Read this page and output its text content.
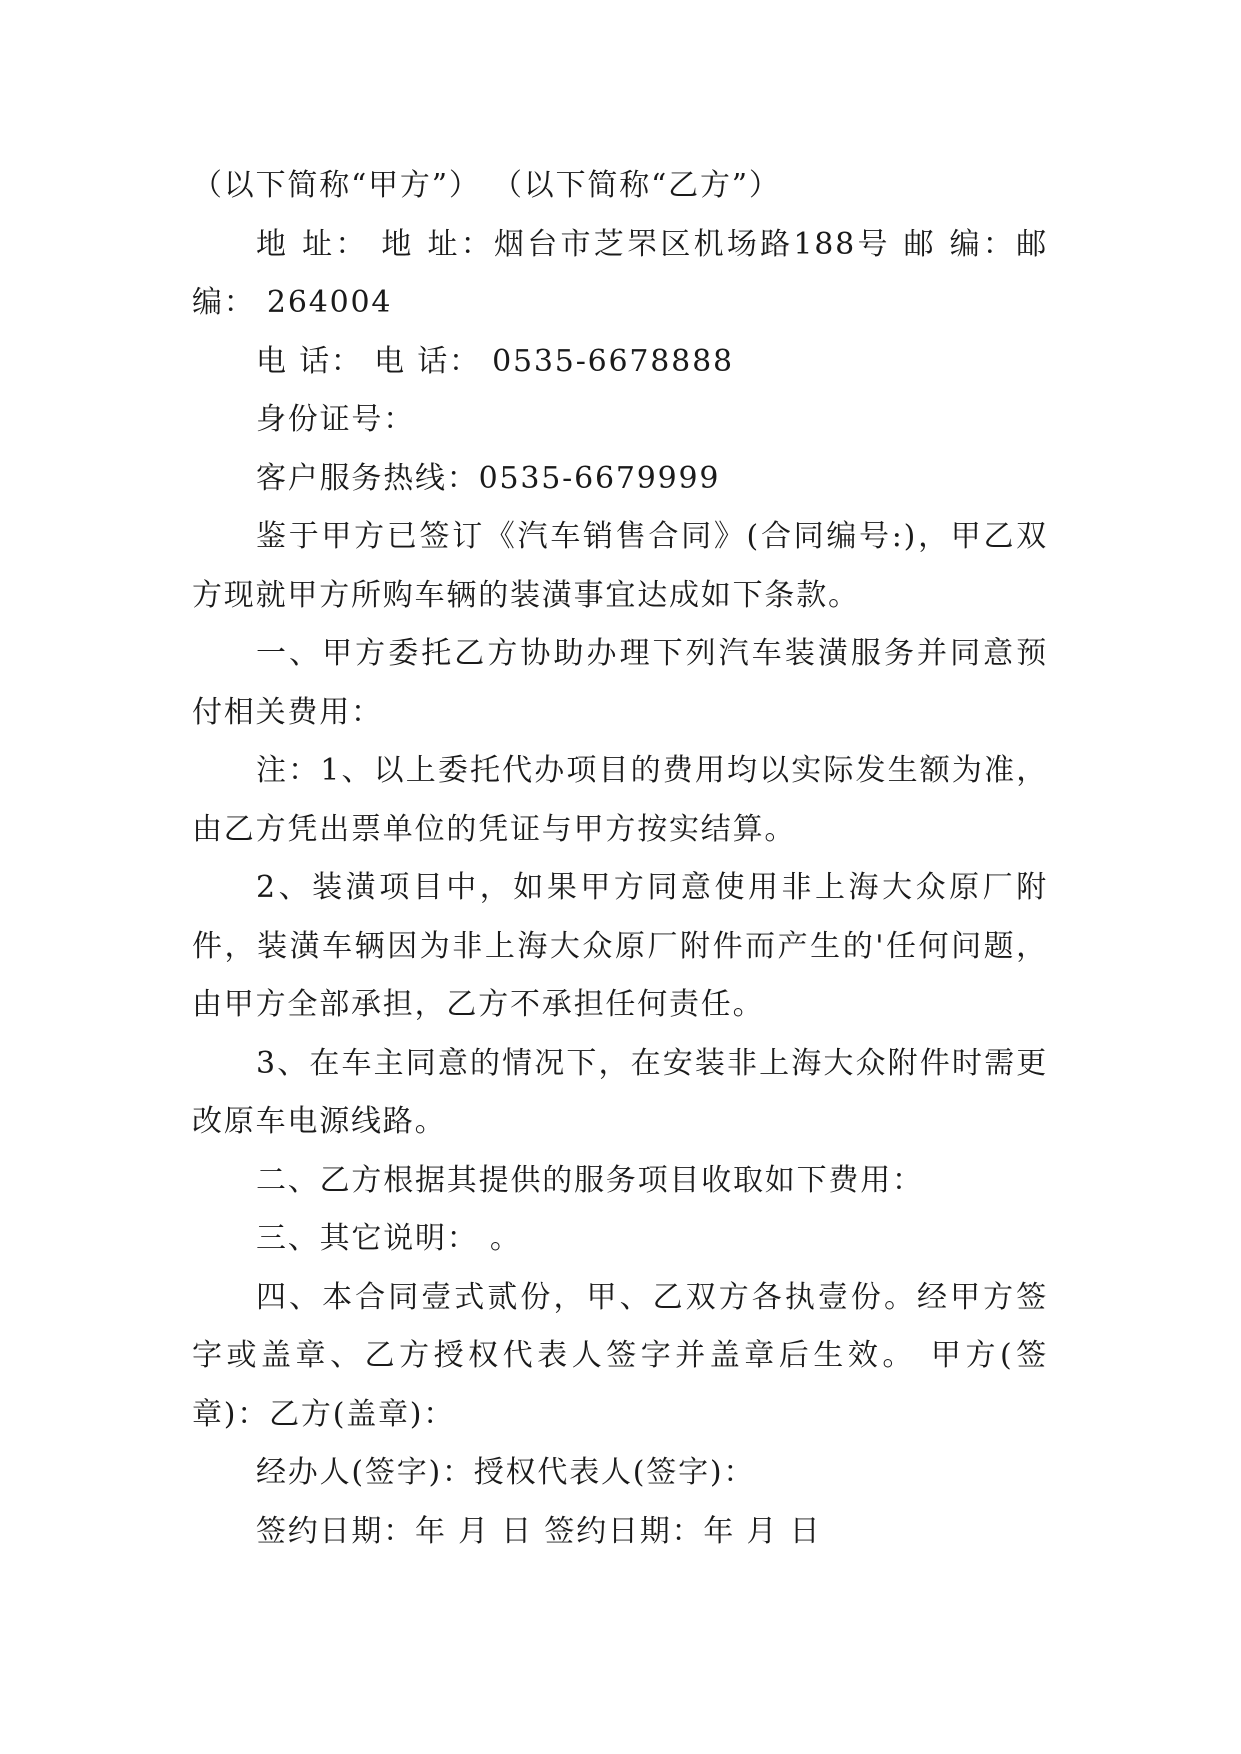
（以下简称“甲方”） （以下简称“乙方”）

地 址： 地 址：烟台市芝罘区机场路188号 邮 编：邮 编： 264004

电 话： 电 话： 0535-6678888

身份证号：

客户服务热线：0535-6679999

鉴于甲方已签订《汽车销售合同》(合同编号:)，甲乙双方现就甲方所购车辆的装潢事宜达成如下条款。

一、甲方委托乙方协助办理下列汽车装潢服务并同意预付相关费用：

注：1、以上委托代办项目的费用均以实际发生额为准，由乙方凭出票单位的凭证与甲方按实结算。

2、装潢项目中，如果甲方同意使用非上海大众原厂附件，装潢车辆因为非上海大众原厂附件而产生的'任何问题，由甲方全部承担，乙方不承担任何责任。

3、在车主同意的情况下，在安装非上海大众附件时需更改原车电源线路。

二、乙方根据其提供的服务项目收取如下费用：

三、其它说明： 。

四、本合同壹式贰份，甲、乙双方各执壹份。经甲方签字或盖章、乙方授权代表人签字并盖章后生效。 甲方(签章)：乙方(盖章)：

经办人(签字)：授权代表人(签字)：

签约日期：年 月 日 签约日期：年 月 日
